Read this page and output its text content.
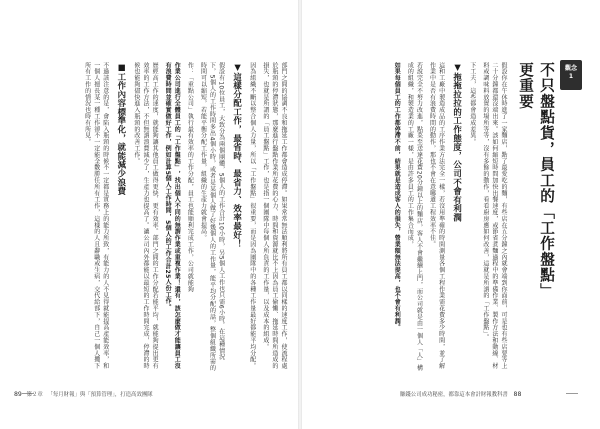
部門之間的協調不良和拖延工作都會造成停滯。如果常常無法順利將所有員工都以同樣的速度工作，使流程處於瓶頸的停滯狀態，那麼進行盤點作業所花費的心力、時間和資源就比不上因為員工偷懶、拖延時間所造成的損失，也就是所謂的「員工盤點」工作，也是指一個團隊中每個人所負責的工作量，以及成本的組成。

因為組織不斷以整合個人力量，所以「工作盤點」很重要，而是因為團隊中的各種工作量最好都能平均分配。

▼這樣分配工作，最省時、最省力、效率最好！

假設有10位員工，大致分為兩個團體，5個人的工作合計10小時，另5個人工作也只需6小時。在這種情況下，5個人的工作時間多出4個小時，或者是某個人做了好幾個人的工作量，能平均分配的話，整個組織所需的時間可以縮短，若能平衡分配工作量，組織的生產力就會提高。

作：「重點公司」執行最有效率的工作分配，員工也能順利完成工作，公司就能夠

作業公司進行全體員工的「工作盤點」，找出個人不同的無謂作業或重複作業！還有，該怎麼做才能讓員工沒有浪費時間並確實做好工作，例如計算5個人工作時間，5個人的工作合計25人份工作。

歷經高工作的速度，就能夠讓其他員工做得更快、更有效率。部門之間的工作分配若能平均，就能夠提出更有效率的工作方法，不但無謂浪費減少了，生產力也提高了。讓公司內外都能以最短的工作時間完成，停滯的時候也能夠儘快進入瓶頸的改善工作。

■工作內容標準化，就能減少浪費

不過該注意的是，會陷入瓶頸的時候不一定都是實務上的能力所致，有能力的人不見得就能提高產能效率，和一個人擅長某一種工作卻不一定能全數勝任所有工作，這樣的人且辭職或生病，交代給部下，自己一個人攬下所有工作的情況也時有所見。

89 第２章 「每月財報」與「預算管理」，打造高效團隊
觀念
1

不只盤點貨，員工的「工作盤點」

更重要

假設你在午休時進了一家麵店，點了最愛吃的麵，有些店在五分鐘之內就會端到你面前，可是也有些店要等上二十分鐘都還沒端出來。該如何縮短時間加快出餐速度，或節省煮麵過程中的準備作業、製作方法和動線、材料或調味料放置的場所等等，沒有多餘的動作，看看廚房應如何改善，這就是所謂的「工作盤點」。

下工夫，這些都會造成差異。

▼拖拖拉拉的工作態度，公司不會有利潤

這和工廠中製造成品的工序作業方法完全一樣，若沒用準確的時間測量各個工程作業需花費多少時間，並了解作業中是否有浪費時間的動作，那也不會在意哪道工程效率不佳。

若說完全不努力改進，點菜至送達花費20分鐘以上的麵店，客人不會繼續上門，而公司就是由一個人「人」構成的組織，和製造業的工廠一樣，是由許多員工的工作集合而成，

如果每個員工的工作都停滯不前，結果就是造成客人的損失，營業額無法提高，也不會有利潤。

賺錢公司成功秘密，都靠這本會計財報教科書 88
